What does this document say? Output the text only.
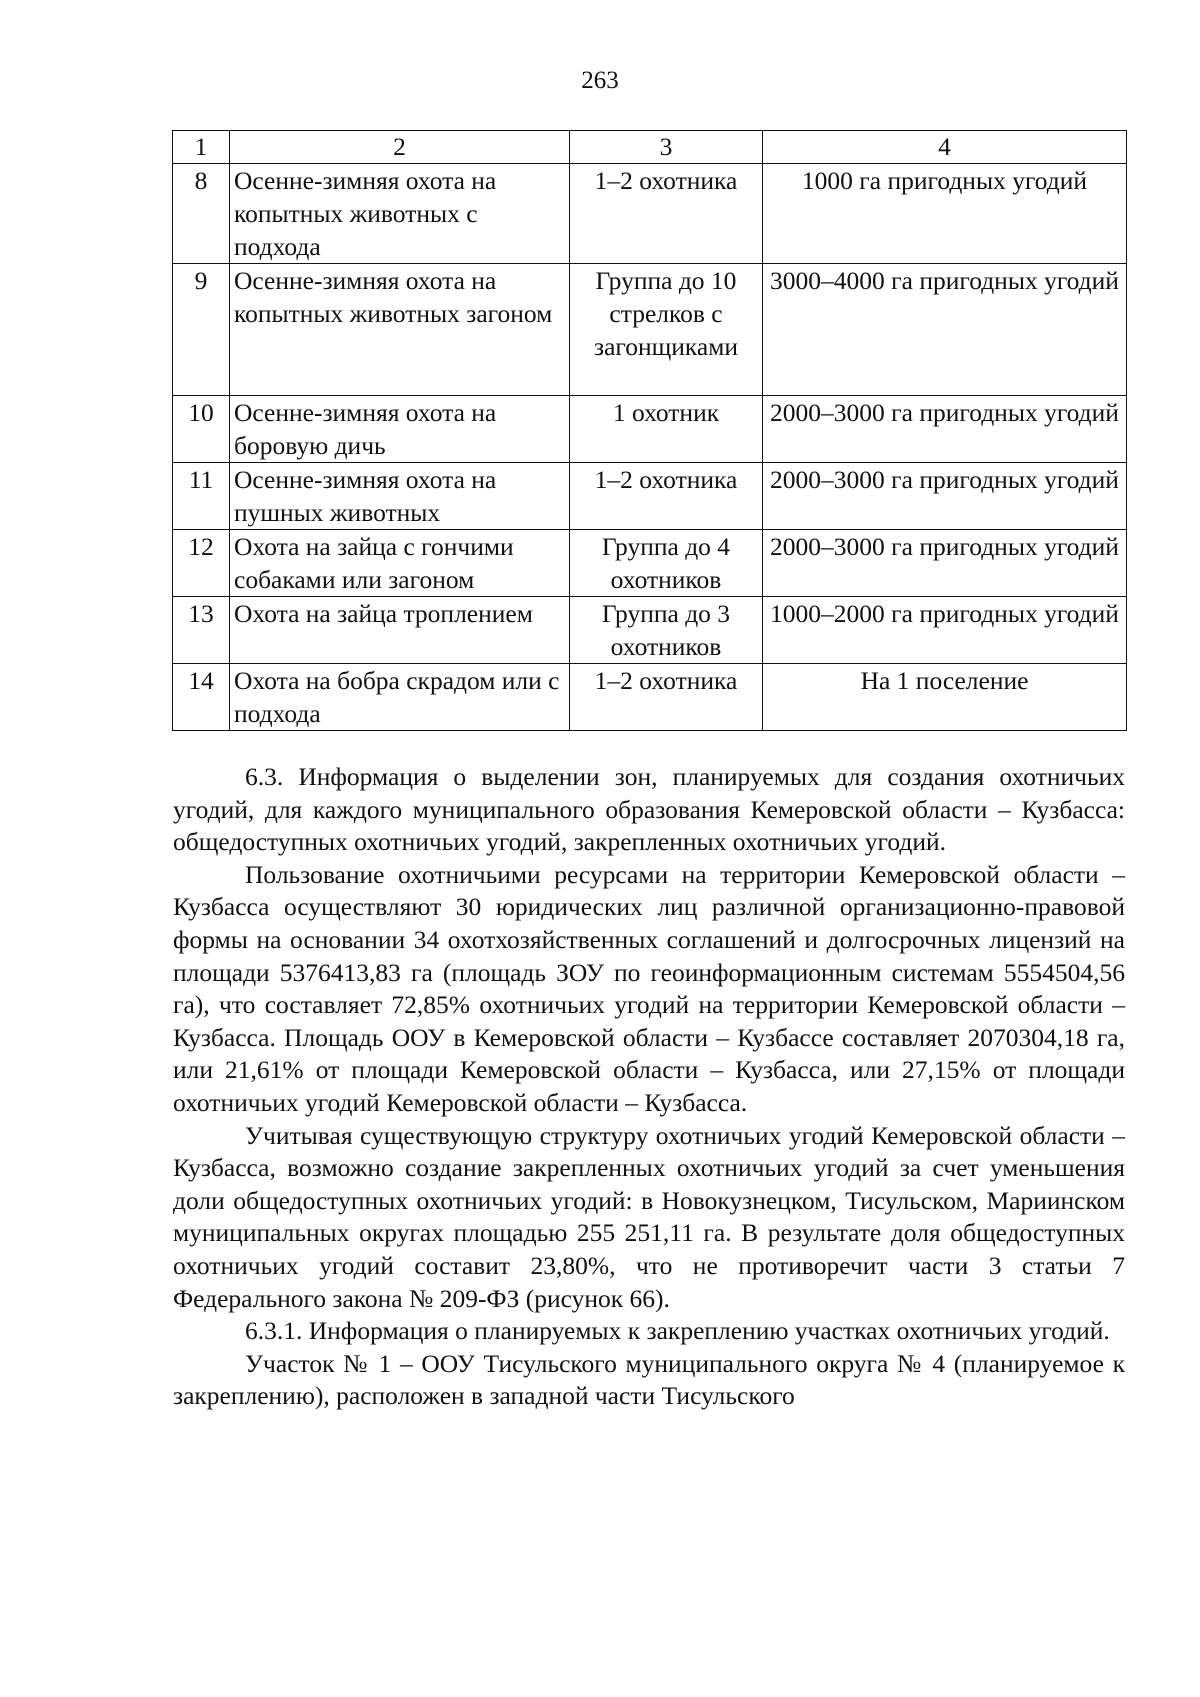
263
1	2	3	4
8	Осенне-зимняя охота на копытных животных с подхода	1–2 охотника	1000 га пригодных угодий
9	Осенне-зимняя охота на копытных животных загоном	Группа до 10 стрелков с загонщиками	3000–4000 га пригодных угодий
10	Осенне-зимняя охота на боровую дичь	1 охотник	2000–3000 га пригодных угодий
11	Осенне-зимняя охота на пушных животных	1–2 охотника	2000–3000 га пригодных угодий
12	Охота на зайца с гончими собаками или загоном	Группа до 4 охотников	2000–3000 га пригодных угодий
13	Охота на зайца троплением	Группа до 3 охотников	1000–2000 га пригодных угодий
14	Охота на бобра скрадом или с подхода	1–2 охотника	На 1 поселение

6.3. Информация о выделении зон, планируемых для создания охотничьих угодий, для каждого муниципального образования Кемеровской области – Кузбасса: общедоступных охотничьих угодий, закрепленных охотничьих угодий.

Пользование охотничьими ресурсами на территории Кемеровской области – Кузбасса осуществляют 30 юридических лиц различной организационно-правовой формы на основании 34 охотхозяйственных соглашений и долгосрочных лицензий на площади 5376413,83 га (площадь ЗОУ по геоинформационным системам 5554504,56 га), что составляет 72,85% охотничьих угодий на территории Кемеровской области – Кузбасса. Площадь ООУ в Кемеровской области – Кузбассе составляет 2070304,18 га, или 21,61% от площади Кемеровской области – Кузбасса, или 27,15% от площади охотничьих угодий Кемеровской области – Кузбасса.

Учитывая существующую структуру охотничьих угодий Кемеровской области – Кузбасса, возможно создание закрепленных охотничьих угодий за счет уменьшения доли общедоступных охотничьих угодий: в Новокузнецком, Тисульском, Мариинском муниципальных округах площадью 255 251,11 га. В результате доля общедоступных охотничьих угодий составит 23,80%, что не противоречит части 3 статьи 7 Федерального закона № 209-ФЗ (рисунок 66).

6.3.1. Информация о планируемых к закреплению участках охотничьих угодий.

Участок № 1 – ООУ Тисульского муниципального округа № 4 (планируемое к закреплению), расположен в западной части Тисульского
